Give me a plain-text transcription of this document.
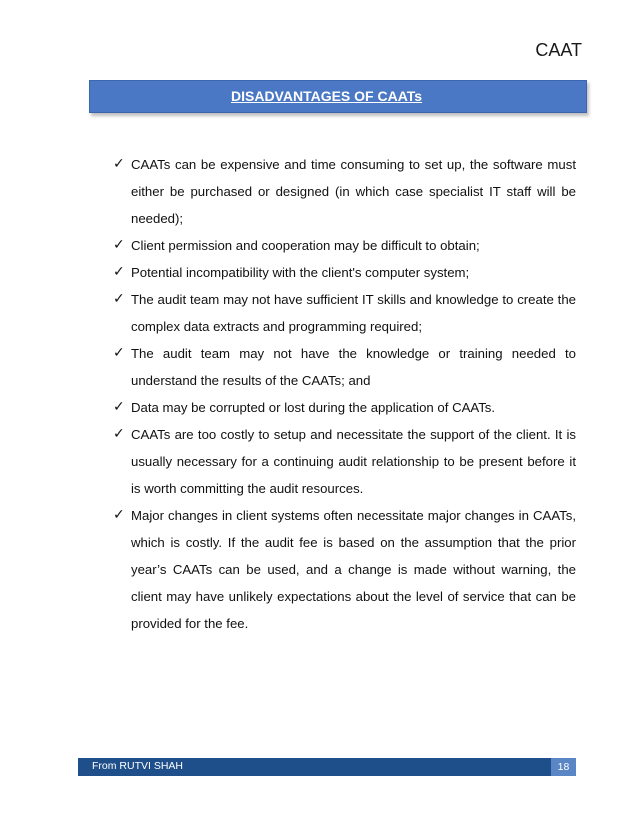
CAAT
DISADVANTAGES OF CAATs
✓ CAATs can be expensive and time consuming to set up, the software must either be purchased or designed (in which case specialist IT staff will be needed);
✓ Client permission and cooperation may be difficult to obtain;
✓ Potential incompatibility with the client's computer system;
✓ The audit team may not have sufficient IT skills and knowledge to create the complex data extracts and programming required;
✓ The audit team may not have the knowledge or training needed to understand the results of the CAATs; and
✓ Data may be corrupted or lost during the application of CAATs.
✓ CAATs are too costly to setup and necessitate the support of the client. It is usually necessary for a continuing audit relationship to be present before it is worth committing the audit resources.
✓ Major changes in client systems often necessitate major changes in CAATs, which is costly. If the audit fee is based on the assumption that the prior year’s CAATs can be used, and a change is made without warning, the client may have unlikely expectations about the level of service that can be provided for the fee.
From RUTVI SHAH	18
